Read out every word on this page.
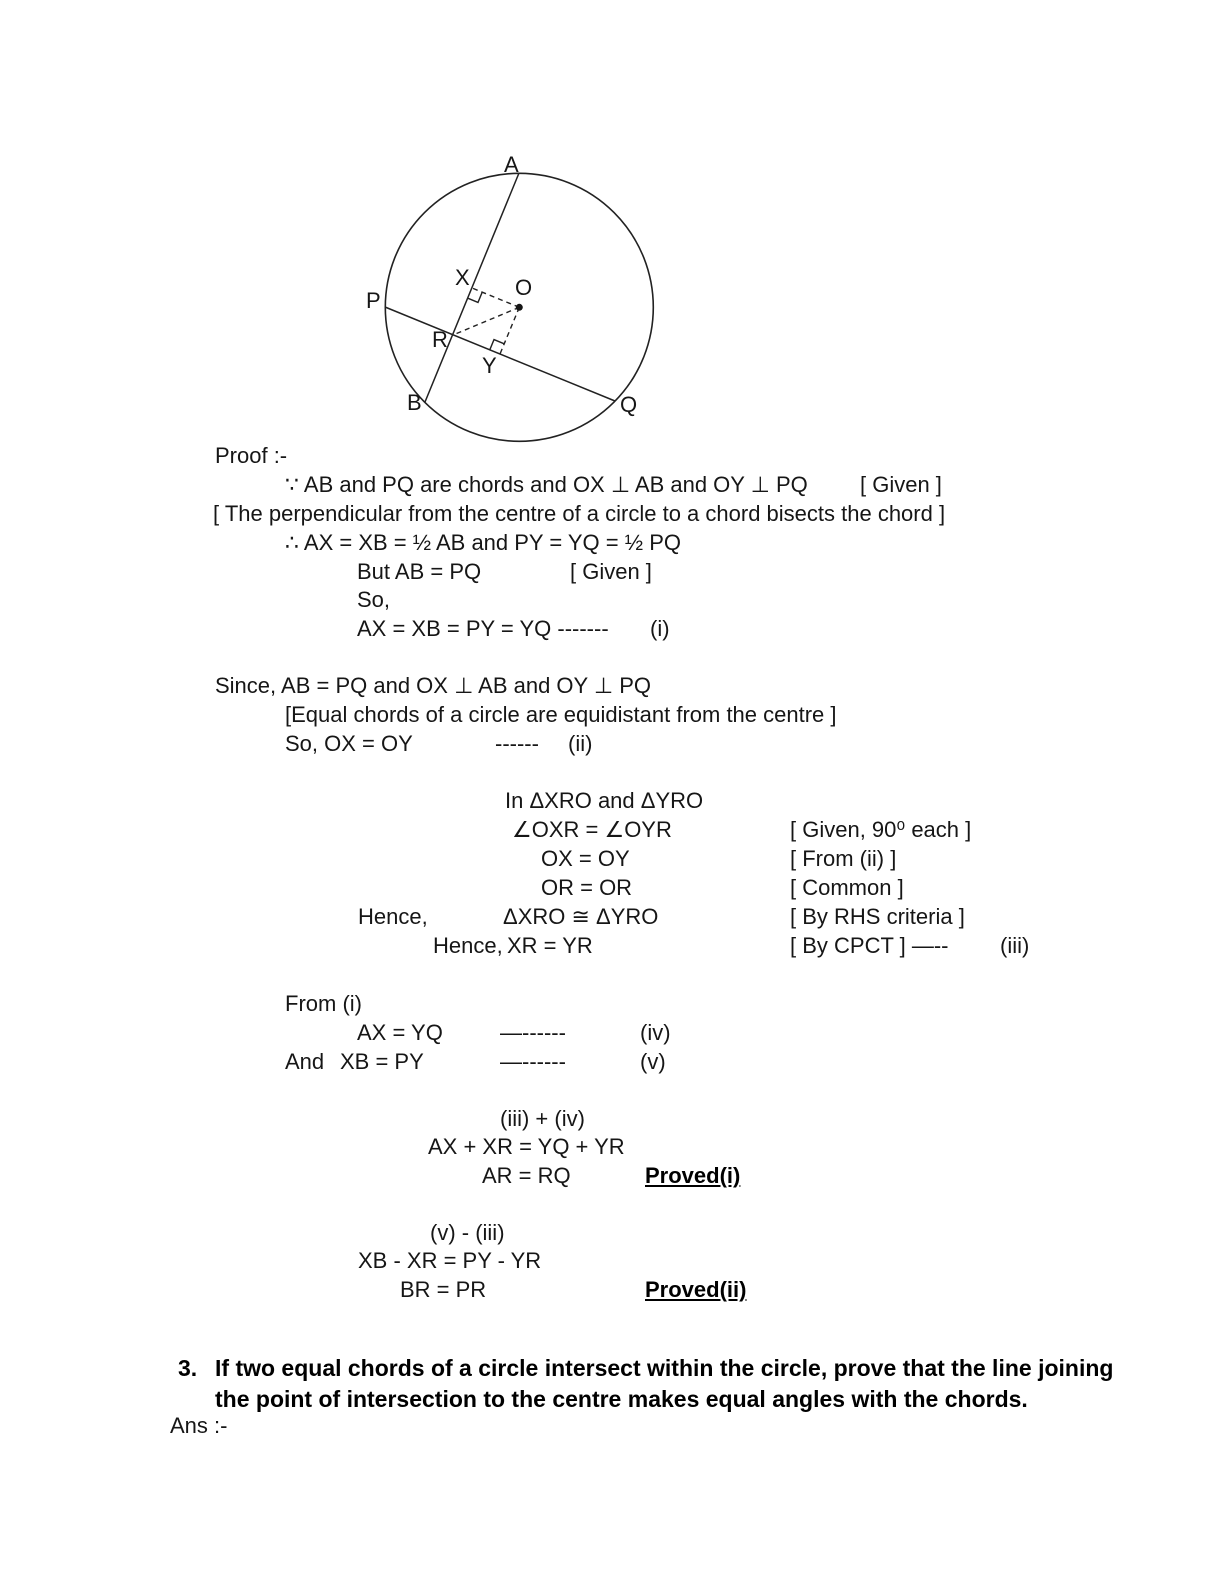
A
P
B	Q
O
X
R
Y
Proof :-
∵ AB and PQ are chords and OX ⊥ AB and OY ⊥ PQ [ Given ]
[ The perpendicular from the centre of a circle to a chord bisects the chord ]
∴ AX = XB = ½ AB and PY = YQ = ½ PQ
But AB = PQ	[ Given ]
So,
AX = XB = PY = YQ ------- (i)
Since, AB = PQ and OX ⊥ AB and OY ⊥ PQ
[Equal chords of a circle are equidistant from the centre ]
So, OX = OY	------ (ii)
In ΔXRO and ΔYRO
∠OXR = ∠OYR	[ Given, 90⁰ each ]
OX = OY	[ From (ii) ]
OR = OR	[ Common ]
Hence,	ΔXRO ≅ ΔYRO	[ By RHS criteria ]
Hence, XR = YR	[ By CPCT ] —-- (iii)
From (i)
AX = YQ	—------	(iv)
And XB = PY	—------	(v)
(iii) + (iv)
AX + XR = YQ + YR
AR = RQ	Proved(i)
(v) - (iii)
XB - XR = PY - YR
BR = PR	Proved(ii)
3. If two equal chords of a circle intersect within the circle, prove that the line joining
the point of intersection to the centre makes equal angles with the chords.
Ans :-
